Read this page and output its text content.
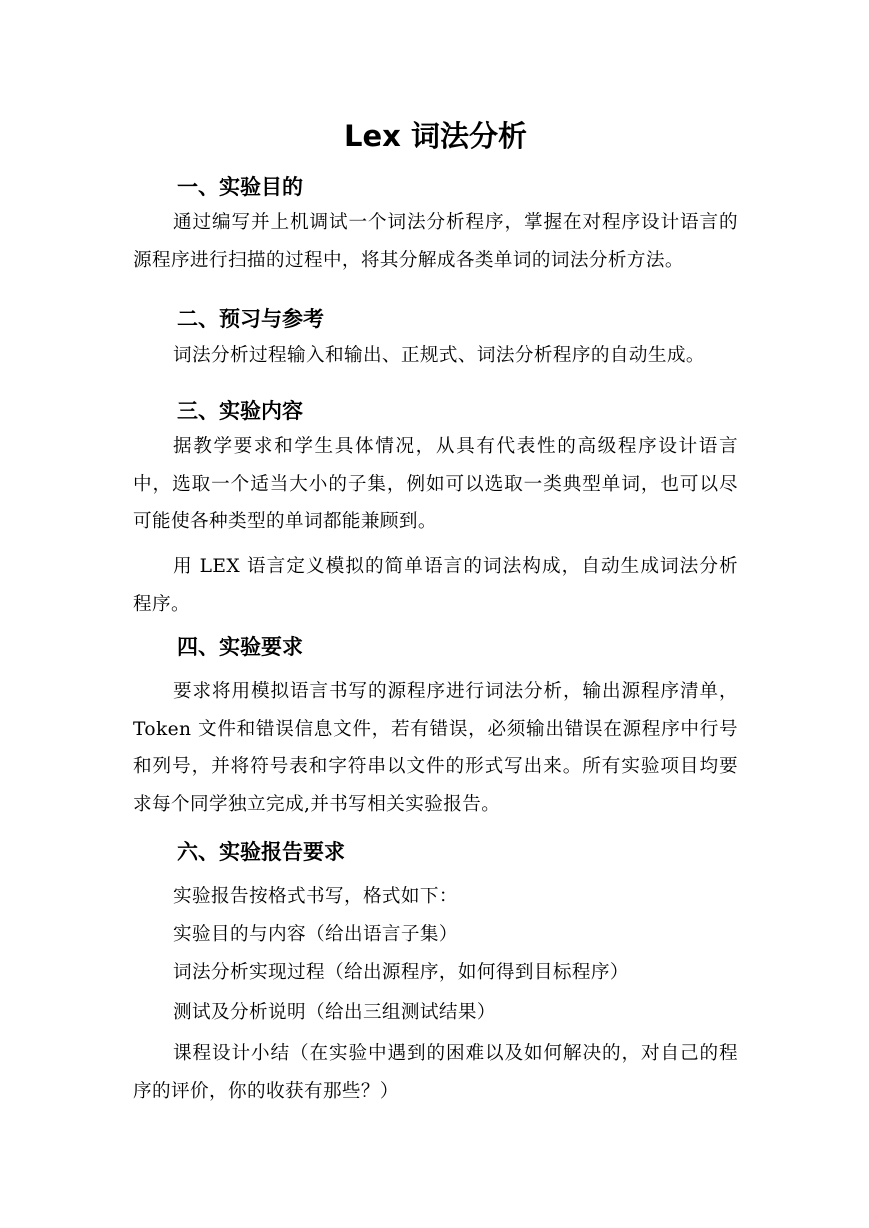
Lex 词法分析
一、实验目的
通过编写并上机调试一个词法分析程序，掌握在对程序设计语言的源程序进行扫描的过程中，将其分解成各类单词的词法分析方法。
二、预习与参考
词法分析过程输入和输出、正规式、词法分析程序的自动生成。
三、实验内容
据教学要求和学生具体情况，从具有代表性的高级程序设计语言中，选取一个适当大小的子集，例如可以选取一类典型单词，也可以尽可能使各种类型的单词都能兼顾到。
用 LEX 语言定义模拟的简单语言的词法构成，自动生成词法分析程序。
四、实验要求
要求将用模拟语言书写的源程序进行词法分析，输出源程序清单，Token 文件和错误信息文件，若有错误，必须输出错误在源程序中行号和列号，并将符号表和字符串以文件的形式写出来。所有实验项目均要求每个同学独立完成,并书写相关实验报告。
六、实验报告要求
实验报告按格式书写，格式如下：
实验目的与内容（给出语言子集）
词法分析实现过程（给出源程序，如何得到目标程序）
测试及分析说明（给出三组测试结果）
课程设计小结（在实验中遇到的困难以及如何解决的，对自己的程序的评价，你的收获有那些？）
